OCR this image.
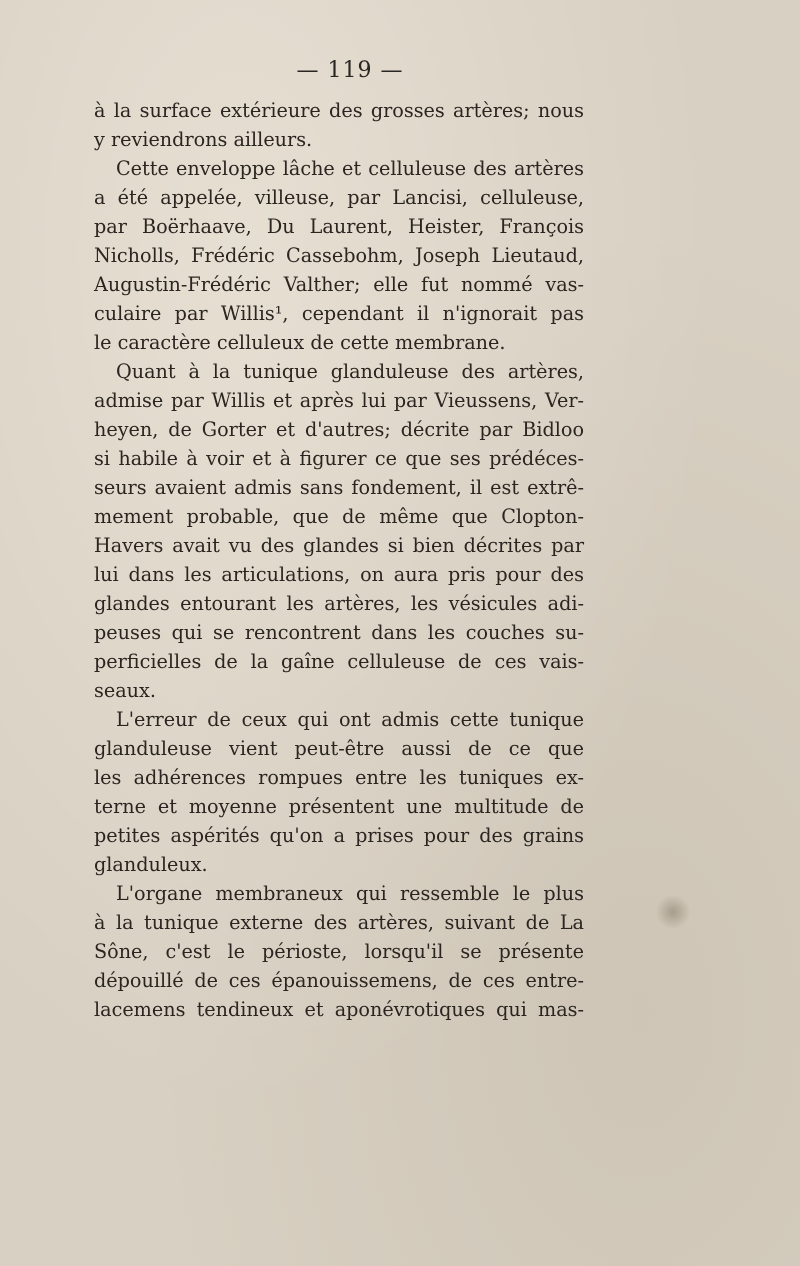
— 119 —
à la surface extérieure des grosses artères; nous
y reviendrons ailleurs.
Cette enveloppe lâche et celluleuse des artères
a été appelée, villeuse, par Lancisi, celluleuse,
par Boërhaave, Du Laurent, Heister, François
Nicholls, Frédéric Cassebohm, Joseph Lieutaud,
Augustin-Frédéric Valther; elle fut nommé vas-
culaire par Willis¹, cependant il n'ignorait pas
le caractère celluleux de cette membrane.
Quant à la tunique glanduleuse des artères,
admise par Willis et après lui par Vieussens, Ver-
heyen, de Gorter et d'autres; décrite par Bidloo
si habile à voir et à figurer ce que ses prédéces-
seurs avaient admis sans fondement, il est extrê-
mement probable, que de même que Clopton-
Havers avait vu des glandes si bien décrites par
lui dans les articulations, on aura pris pour des
glandes entourant les artères, les vésicules adi-
peuses qui se rencontrent dans les couches su-
perficielles de la gaîne celluleuse de ces vais-
seaux.
L'erreur de ceux qui ont admis cette tunique
glanduleuse vient peut-être aussi de ce que
les adhérences rompues entre les tuniques ex-
terne et moyenne présentent une multitude de
petites aspérités qu'on a prises pour des grains
glanduleux.
L'organe membraneux qui ressemble le plus
à la tunique externe des artères, suivant de La
Sône, c'est le périoste, lorsqu'il se présente
dépouillé de ces épanouissemens, de ces entre-
lacemens tendineux et aponévrotiques qui mas-
